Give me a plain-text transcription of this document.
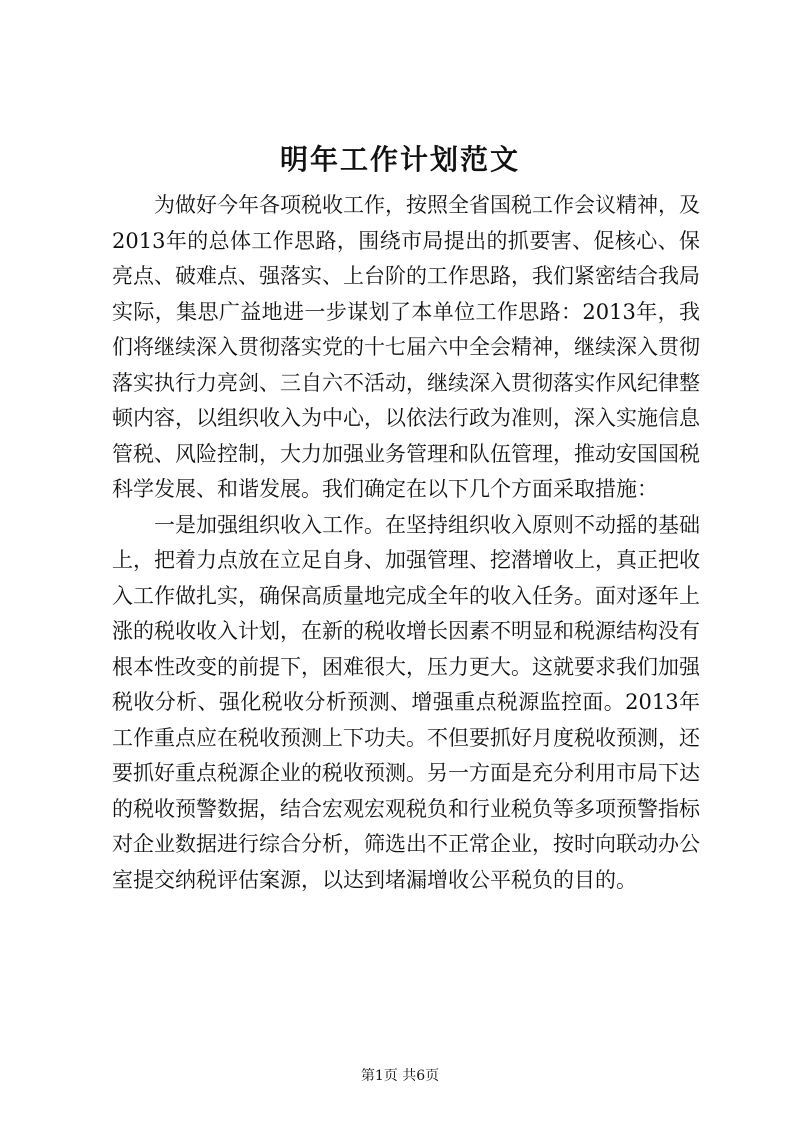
明年工作计划范文

为做好今年各项税收工作，按照全省国税工作会议精神，及2013年的总体工作思路，围绕市局提出的抓要害、促核心、保亮点、破难点、强落实、上台阶的工作思路，我们紧密结合我局实际，集思广益地进一步谋划了本单位工作思路：2013年，我们将继续深入贯彻落实党的十七届六中全会精神，继续深入贯彻落实执行力亮剑、三自六不活动，继续深入贯彻落实作风纪律整顿内容，以组织收入为中心，以依法行政为准则，深入实施信息管税、风险控制，大力加强业务管理和队伍管理，推动安国国税科学发展、和谐发展。我们确定在以下几个方面采取措施：

一是加强组织收入工作。在坚持组织收入原则不动摇的基础上，把着力点放在立足自身、加强管理、挖潜增收上，真正把收入工作做扎实，确保高质量地完成全年的收入任务。面对逐年上涨的税收收入计划，在新的税收增长因素不明显和税源结构没有根本性改变的前提下，困难很大，压力更大。这就要求我们加强税收分析、强化税收分析预测、增强重点税源监控面。2013年工作重点应在税收预测上下功夫。不但要抓好月度税收预测，还要抓好重点税源企业的税收预测。另一方面是充分利用市局下达的税收预警数据，结合宏观宏观税负和行业税负等多项预警指标对企业数据进行综合分析，筛选出不正常企业，按时向联动办公室提交纳税评估案源，以达到堵漏增收公平税负的目的。

第1页 共6页
